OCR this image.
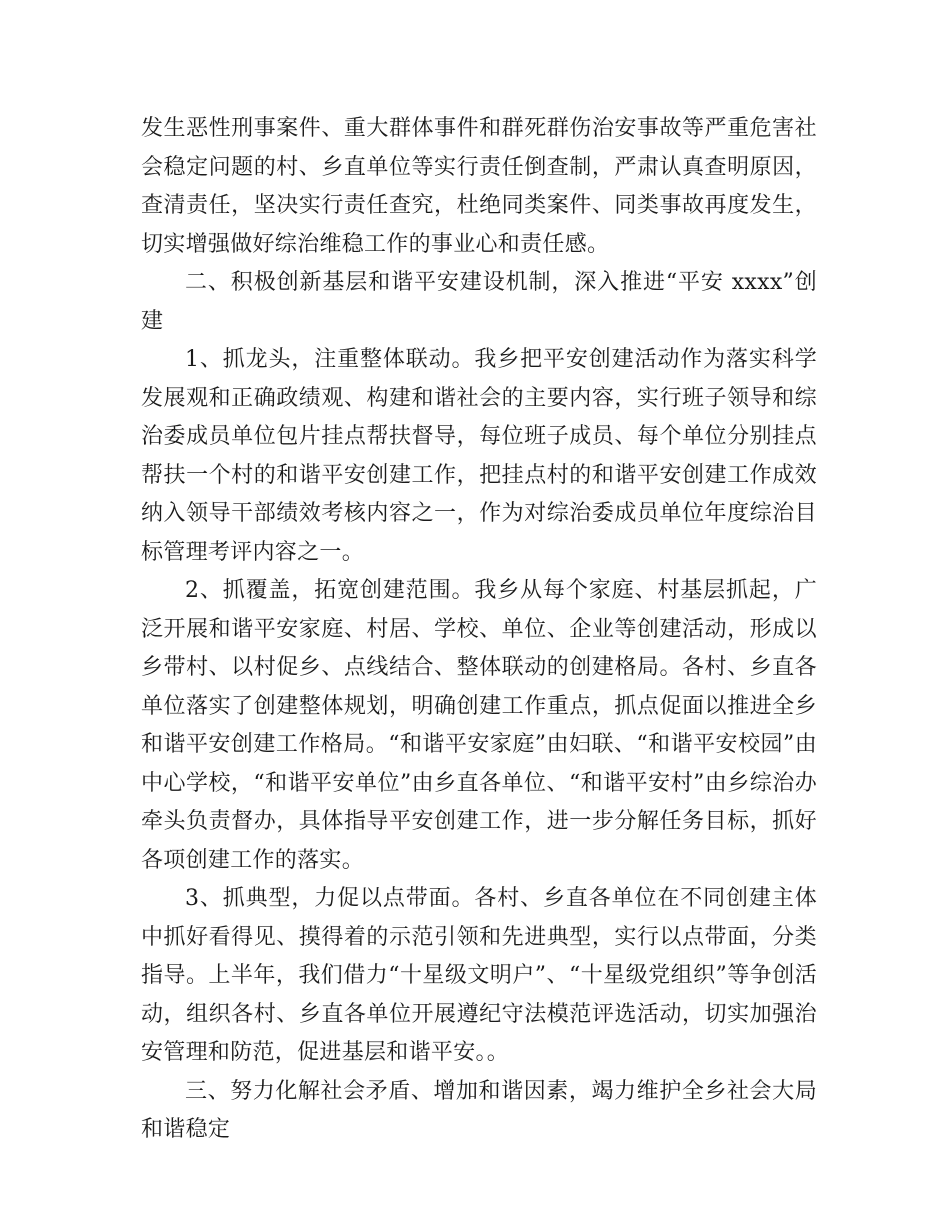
发生恶性刑事案件、重大群体事件和群死群伤治安事故等严重危害社会稳定问题的村、乡直单位等实行责任倒查制，严肃认真查明原因，查清责任，坚决实行责任查究，杜绝同类案件、同类事故再度发生，切实增强做好综治维稳工作的事业心和责任感。

二、积极创新基层和谐平安建设机制，深入推进“平安 xxxx”创建

1、抓龙头，注重整体联动。我乡把平安创建活动作为落实科学发展观和正确政绩观、构建和谐社会的主要内容，实行班子领导和综治委成员单位包片挂点帮扶督导，每位班子成员、每个单位分别挂点帮扶一个村的和谐平安创建工作，把挂点村的和谐平安创建工作成效纳入领导干部绩效考核内容之一，作为对综治委成员单位年度综治目标管理考评内容之一。

2、抓覆盖，拓宽创建范围。我乡从每个家庭、村基层抓起，广泛开展和谐平安家庭、村居、学校、单位、企业等创建活动，形成以乡带村、以村促乡、点线结合、整体联动的创建格局。各村、乡直各单位落实了创建整体规划，明确创建工作重点，抓点促面以推进全乡和谐平安创建工作格局。“和谐平安家庭”由妇联、“和谐平安校园”由中心学校，“和谐平安单位”由乡直各单位、“和谐平安村”由乡综治办牵头负责督办，具体指导平安创建工作，进一步分解任务目标，抓好各项创建工作的落实。

3、抓典型，力促以点带面。各村、乡直各单位在不同创建主体中抓好看得见、摸得着的示范引领和先进典型，实行以点带面，分类指导。上半年，我们借力“十星级文明户”、“十星级党组织”等争创活动，组织各村、乡直各单位开展遵纪守法模范评选活动，切实加强治安管理和防范，促进基层和谐平安。。

三、努力化解社会矛盾、增加和谐因素，竭力维护全乡社会大局和谐稳定
